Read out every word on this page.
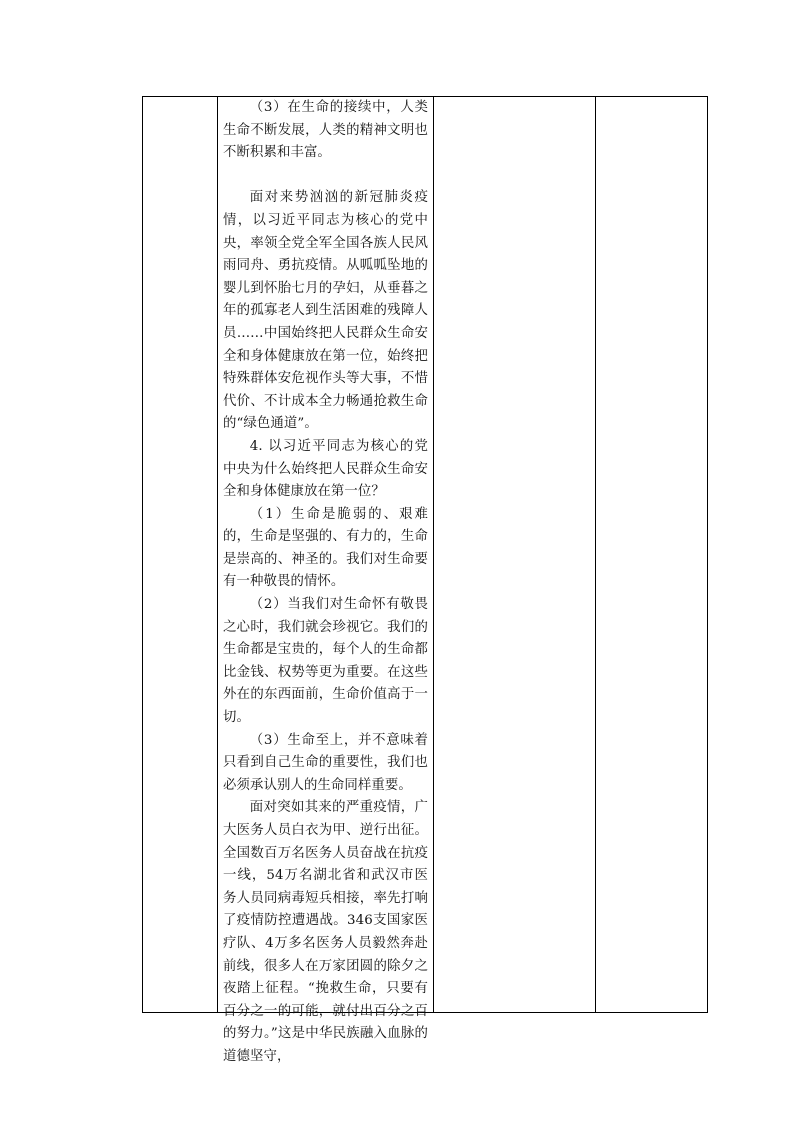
（3）在生命的接续中，人类生命不断发展，人类的精神文明也不断积累和丰富。

面对来势汹汹的新冠肺炎疫情，以习近平同志为核心的党中央，率领全党全军全国各族人民风雨同舟、勇抗疫情。从呱呱坠地的婴儿到怀胎七月的孕妇，从垂暮之年的孤寡老人到生活困难的残障人员……中国始终把人民群众生命安全和身体健康放在第一位，始终把特殊群体安危视作头等大事，不惜代价、不计成本全力畅通抢救生命的“绿色通道”。

4. 以习近平同志为核心的党中央为什么始终把人民群众生命安全和身体健康放在第一位？

（1）生命是脆弱的、艰难的，生命是坚强的、有力的，生命是崇高的、神圣的。我们对生命要有一种敬畏的情怀。

（2）当我们对生命怀有敬畏之心时，我们就会珍视它。我们的生命都是宝贵的，每个人的生命都比金钱、权势等更为重要。在这些外在的东西面前，生命价值高于一切。

（3）生命至上，并不意味着只看到自己生命的重要性，我们也必须承认别人的生命同样重要。

面对突如其来的严重疫情，广大医务人员白衣为甲、逆行出征。全国数百万名医务人员奋战在抗疫一线，54万名湖北省和武汉市医务人员同病毒短兵相接，率先打响了疫情防控遭遇战。346支国家医疗队、4万多名医务人员毅然奔赴前线，很多人在万家团圆的除夕之夜踏上征程。“挽救生命，只要有百分之一的可能，就付出百分之百的努力。”这是中华民族融入血脉的道德坚守，
